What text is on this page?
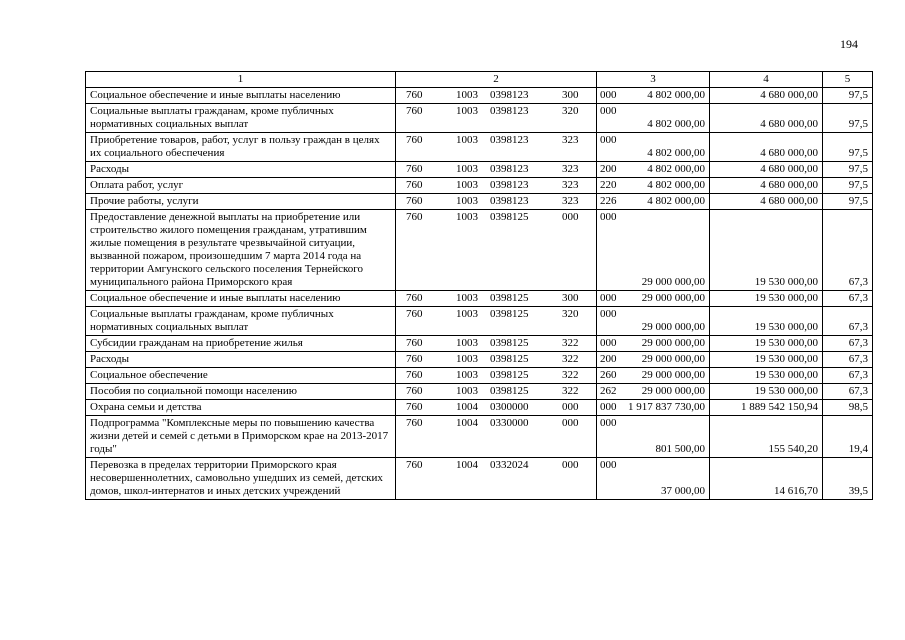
194
1	2	3	4	5
Социальное обеспечение и иные выплаты населению	760 1003 0398123 300 000	4 802 000,00	4 680 000,00	97,5
Социальные выплаты гражданам, кроме публичных нормативных социальных выплат	760 1003 0398123 320 000	4 802 000,00	4 680 000,00	97,5
Приобретение товаров, работ, услуг в пользу граждан в целях их социального обеспечения	760 1003 0398123 323 000	4 802 000,00	4 680 000,00	97,5
Расходы	760 1003 0398123 323 200	4 802 000,00	4 680 000,00	97,5
Оплата работ, услуг	760 1003 0398123 323 220	4 802 000,00	4 680 000,00	97,5
Прочие работы, услуги	760 1003 0398123 323 226	4 802 000,00	4 680 000,00	97,5
Предоставление денежной выплаты на приобретение или строительство жилого помещения гражданам, утратившим жилые помещения в результате чрезвычайной ситуации, вызванной пожаром, произошедшим 7 марта 2014 года на территории Амгунского сельского поселения Тернейского муниципального района Приморского края	760 1003 0398125 000 000	29 000 000,00	19 530 000,00	67,3
Социальное обеспечение и иные выплаты населению	760 1003 0398125 300 000	29 000 000,00	19 530 000,00	67,3
Социальные выплаты гражданам, кроме публичных нормативных социальных выплат	760 1003 0398125 320 000	29 000 000,00	19 530 000,00	67,3
Субсидии гражданам на приобретение жилья	760 1003 0398125 322 000	29 000 000,00	19 530 000,00	67,3
Расходы	760 1003 0398125 322 200	29 000 000,00	19 530 000,00	67,3
Социальное обеспечение	760 1003 0398125 322 260	29 000 000,00	19 530 000,00	67,3
Пособия по социальной помощи населению	760 1003 0398125 322 262	29 000 000,00	19 530 000,00	67,3
Охрана семьи и детства	760 1004 0300000 000 000	1 917 837 730,00	1 889 542 150,94	98,5
Подпрограмма "Комплексные меры по повышению качества жизни детей и семей с детьми в Приморском крае на 2013-2017 годы"	760 1004 0330000 000 000	801 500,00	155 540,20	19,4
Перевозка в пределах территории Приморского края несовершеннолетних, самовольно ушедших из семей, детских домов, школ-интернатов и иных детских учреждений	760 1004 0332024 000 000	37 000,00	14 616,70	39,5
